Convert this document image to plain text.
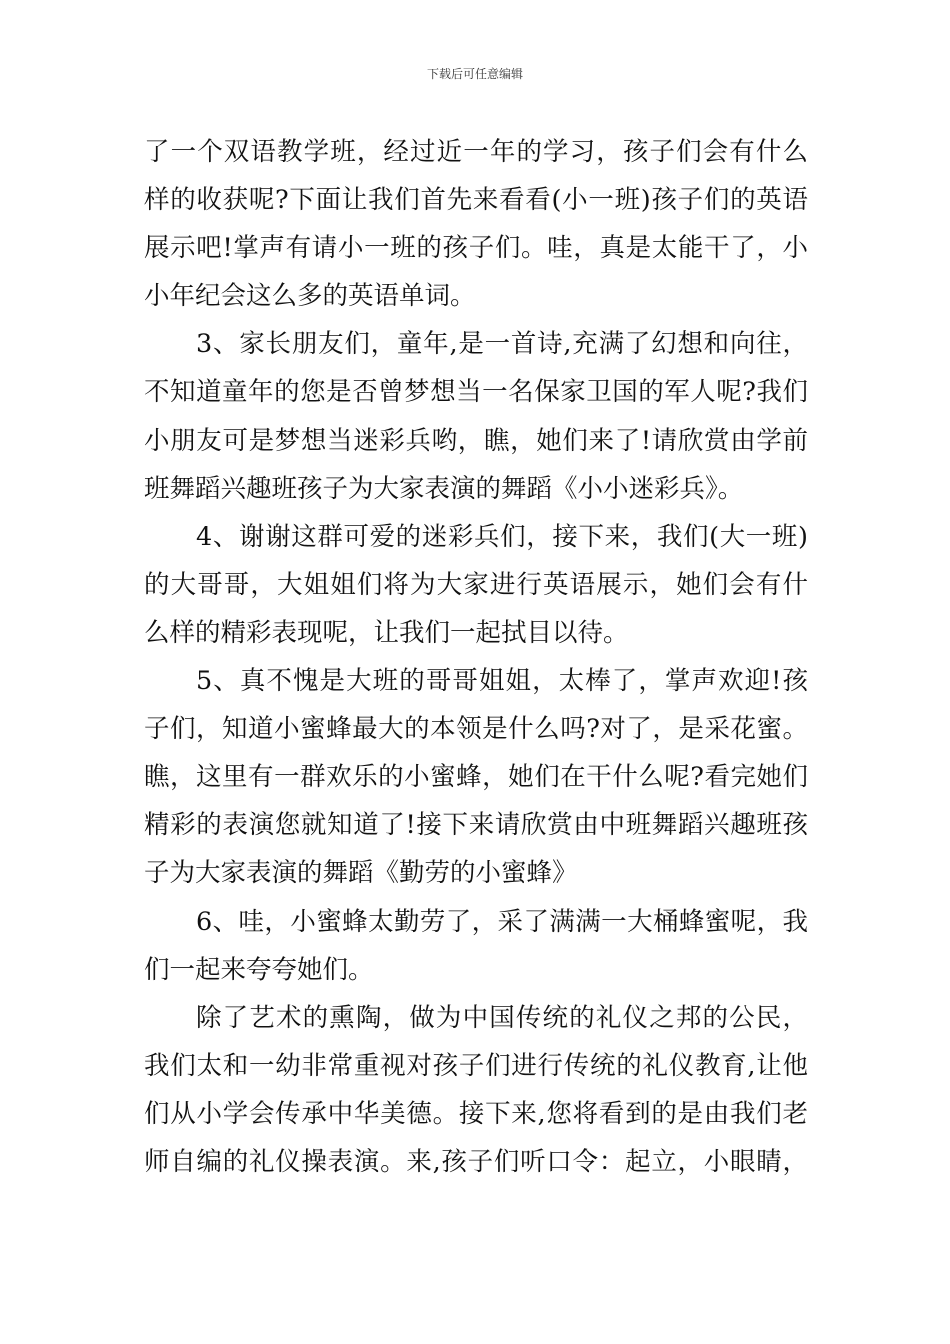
下载后可任意编辑
了一个双语教学班，经过近一年的学习，孩子们会有什么
样的收获呢?下面让我们首先来看看(小一班)孩子们的英语
展示吧!掌声有请小一班的孩子们。哇，真是太能干了，小
小年纪会这么多的英语单词。
3、家长朋友们，童年,是一首诗,充满了幻想和向往，
不知道童年的您是否曾梦想当一名保家卫国的军人呢?我们
小朋友可是梦想当迷彩兵哟，瞧，她们来了!请欣赏由学前
班舞蹈兴趣班孩子为大家表演的舞蹈《小小迷彩兵》。
4、谢谢这群可爱的迷彩兵们，接下来，我们(大一班)
的大哥哥，大姐姐们将为大家进行英语展示，她们会有什
么样的精彩表现呢，让我们一起拭目以待。
5、真不愧是大班的哥哥姐姐，太棒了，掌声欢迎!孩
子们，知道小蜜蜂最大的本领是什么吗?对了，是采花蜜。
瞧，这里有一群欢乐的小蜜蜂，她们在干什么呢?看完她们
精彩的表演您就知道了!接下来请欣赏由中班舞蹈兴趣班孩
子为大家表演的舞蹈《勤劳的小蜜蜂》
6、哇，小蜜蜂太勤劳了，采了满满一大桶蜂蜜呢，我
们一起来夸夸她们。
除了艺术的熏陶，做为中国传统的礼仪之邦的公民，
我们太和一幼非常重视对孩子们进行传统的礼仪教育,让他
们从小学会传承中华美德。接下来,您将看到的是由我们老
师自编的礼仪操表演。来,孩子们听口令：起立，小眼睛，
